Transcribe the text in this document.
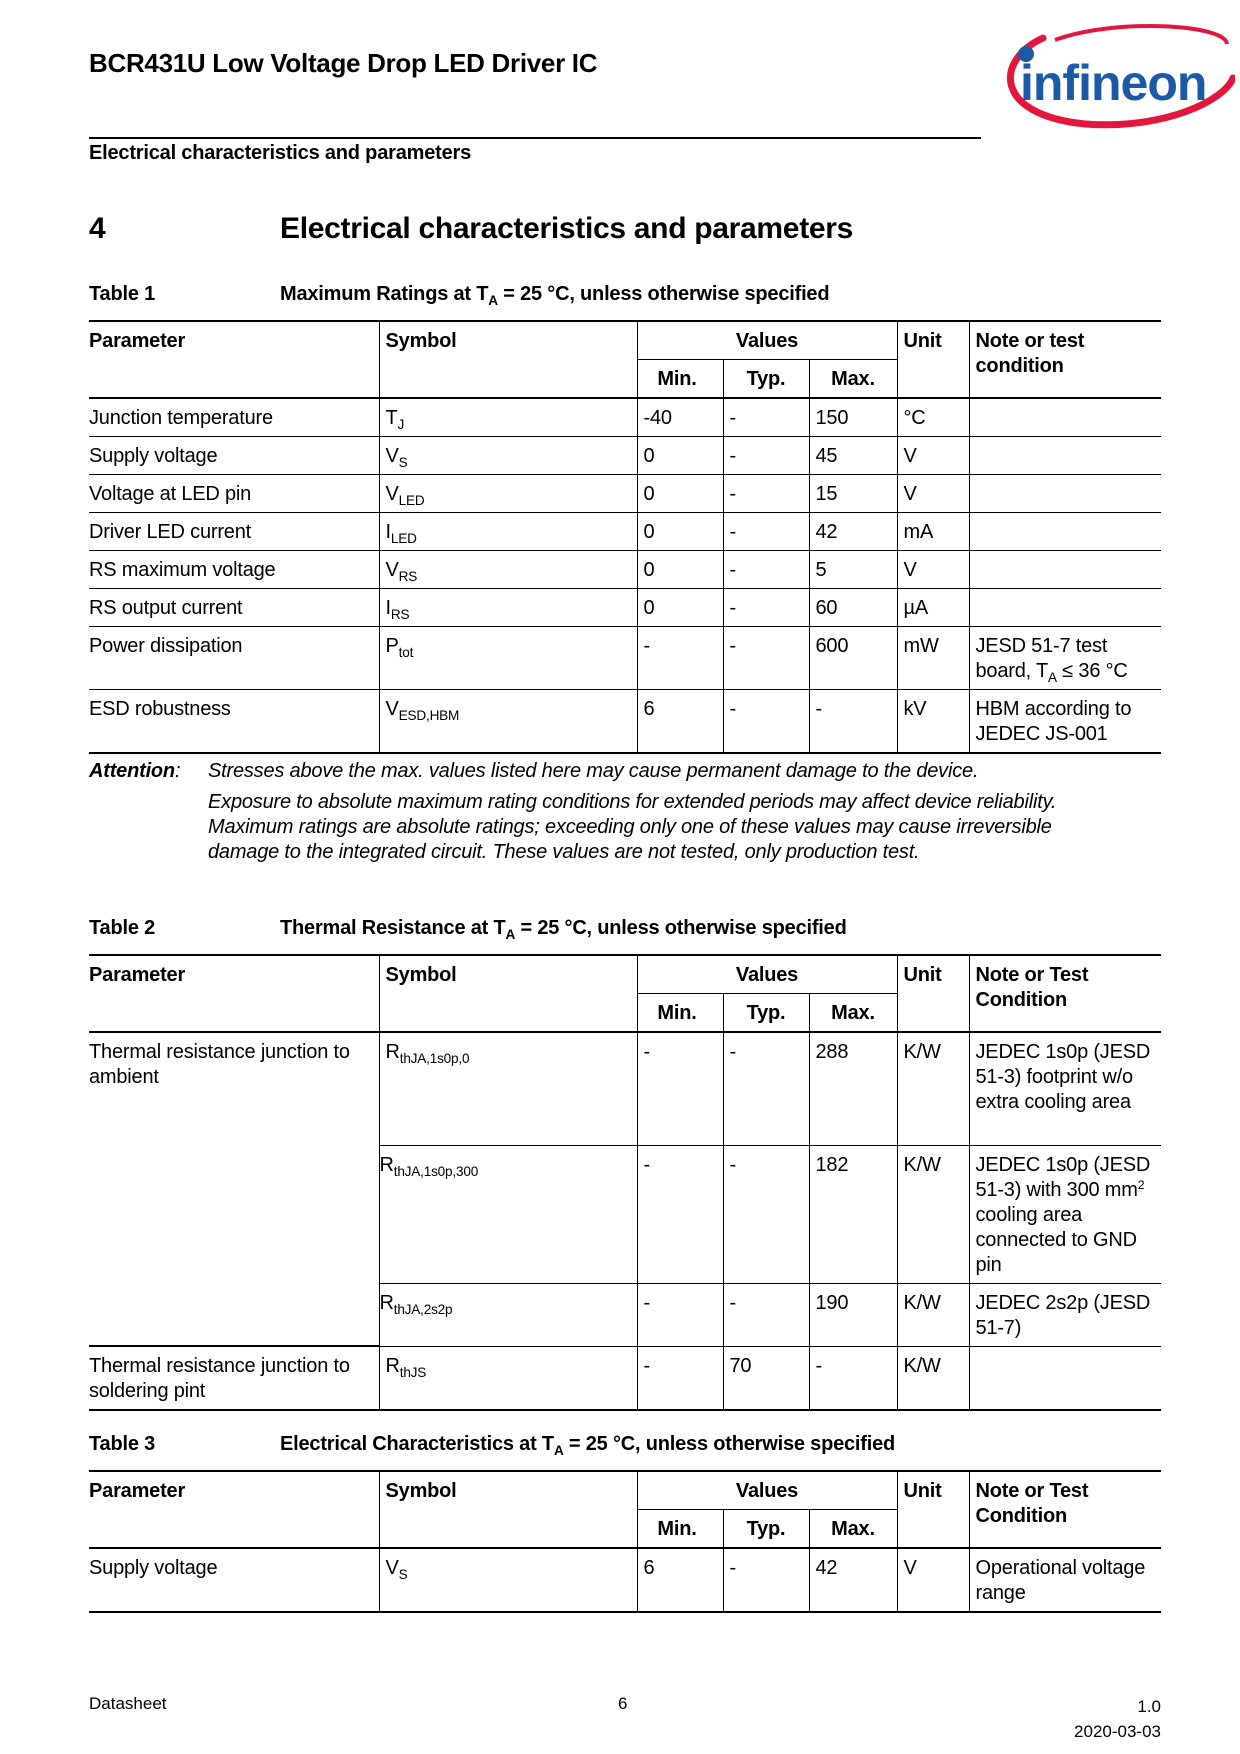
BCR431U Low Voltage Drop LED Driver IC	infineon
Electrical characteristics and parameters
4	Electrical characteristics and parameters
Table 1	Maximum Ratings at $T_A = 25$ °C, unless otherwise specified
Parameter	Symbol	Values			Unit	Note or test condition
		Min.	Typ.	Max.		
Junction temperature	$T_J$	-40	-	150	°C	
Supply voltage	$V_S$	0	-	45	V	
Voltage at LED pin	$V_{LED}$	0	-	15	V	
Driver LED current	$I_{LED}$	0	-	42	mA	
RS maximum voltage	$V_{RS}$	0	-	5	V	
RS output current	$I_{RS}$	0	-	60	µA	
Power dissipation	$P_{tot}$	-	-	600	mW	JESD 51-7 test board, $T_A \le 36$ °C
ESD robustness	$V_{ESD,HBM}$	6	-	-	kV	HBM according to JEDEC JS-001
Attention: Stresses above the max. values listed here may cause permanent damage to the device.
Exposure to absolute maximum rating conditions for extended periods may affect device reliability.
Maximum ratings are absolute ratings; exceeding only one of these values may cause irreversible
damage to the integrated circuit. These values are not tested, only production test.
Table 2	Thermal Resistance at $T_A = 25$ °C, unless otherwise specified
Parameter	Symbol	Values			Unit	Note or Test Condition
		Min.	Typ.	Max.		
Thermal resistance junction to ambient	$R_{thJA,1s0p,0}$	-	-	288	K/W	JEDEC 1s0p (JESD 51-3) footprint w/o extra cooling area
	$R_{thJA,1s0p,300}$	-	-	182	K/W	JEDEC 1s0p (JESD 51-3) with 300 $mm^2$ cooling area connected to GND pin
	$R_{thJA,2s2p}$	-	-	190	K/W	JEDEC 2s2p (JESD 51-7)
Thermal resistance junction to soldering pint	$R_{thJS}$	-	70	-	K/W	
Table 3	Electrical Characteristics at $T_A = 25$ °C, unless otherwise specified
Parameter	Symbol	Values			Unit	Note or Test Condition
		Min.	Typ.	Max.		
Supply voltage	$V_S$	6	-	42	V	Operational voltage range
Datasheet	6	1.0
2020-03-03
